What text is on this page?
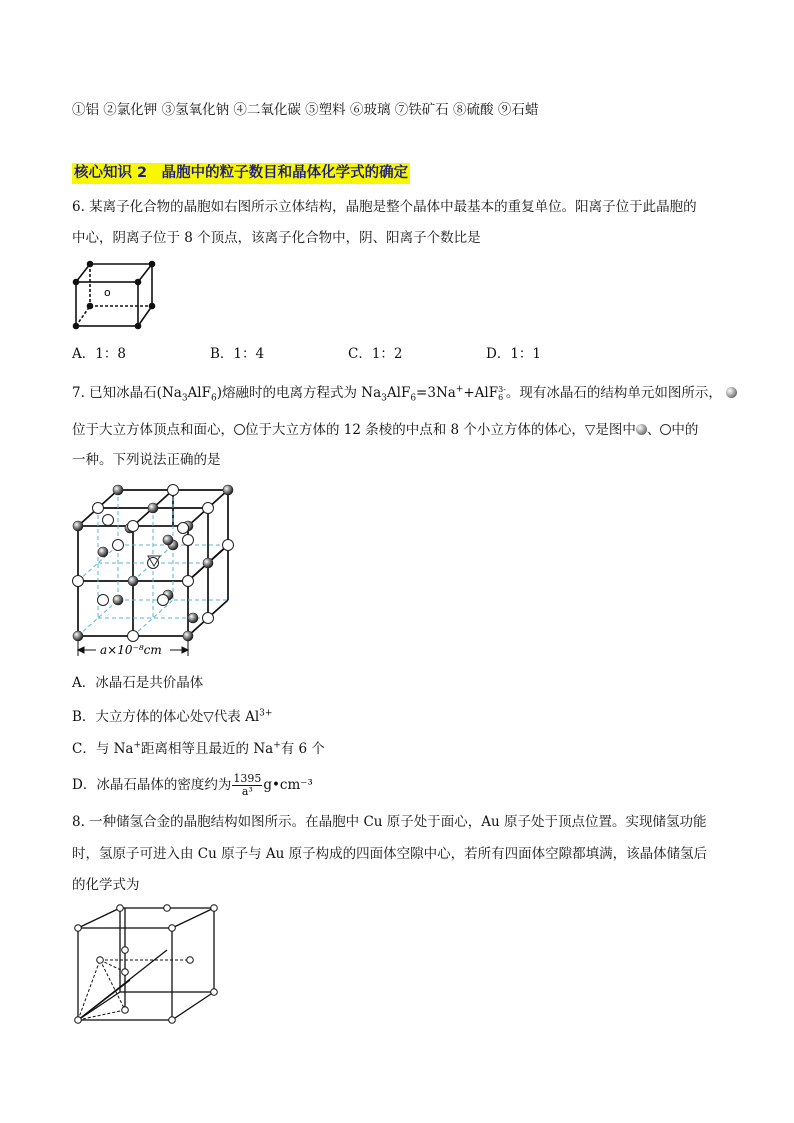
①铝 ②氯化钾 ③氢氧化钠 ④二氧化碳 ⑤塑料 ⑥玻璃 ⑦铁矿石 ⑧硫酸 ⑨石蜡
核心知识 2　晶胞中的粒子数目和晶体化学式的确定
6. 某离子化合物的晶胞如右图所示立体结构，晶胞是整个晶体中最基本的重复单位。阳离子位于此晶胞的
中心，阴离子位于 8 个顶点，该离子化合物中，阴、阳离子个数比是
o
A．1：8	B．1：4	C．1：2	D．1：1
7. 已知冰晶石$(Na_3AlF_6)$熔融时的电离方程式为 $Na_3AlF_6=3Na^++AlF$ 3-
6 。现有冰晶石的结构单元如图所示，
位于大立方体顶点和面心， 位于大立方体的 12 条棱的中点和 8 个小立方体的体心，▽是图中 、 中的
一种。下列说法正确的是
a×10⁻⁸cm
A．冰晶石是共价晶体
B．大立方体的体心处▽代表 $Al^{3+}$
C．与 Na+距离相等且最近的 Na+有 6 个
D．冰晶石晶体的密度约为 $\frac{1395}{\text{a³}}$ g•cm⁻³
8. 一种储氢合金的晶胞结构如图所示。在晶胞中 Cu 原子处于面心，Au 原子处于顶点位置。实现储氢功能
时，氢原子可进入由 Cu 原子与 Au 原子构成的四面体空隙中心，若所有四面体空隙都填满，该晶体储氢后
的化学式为
